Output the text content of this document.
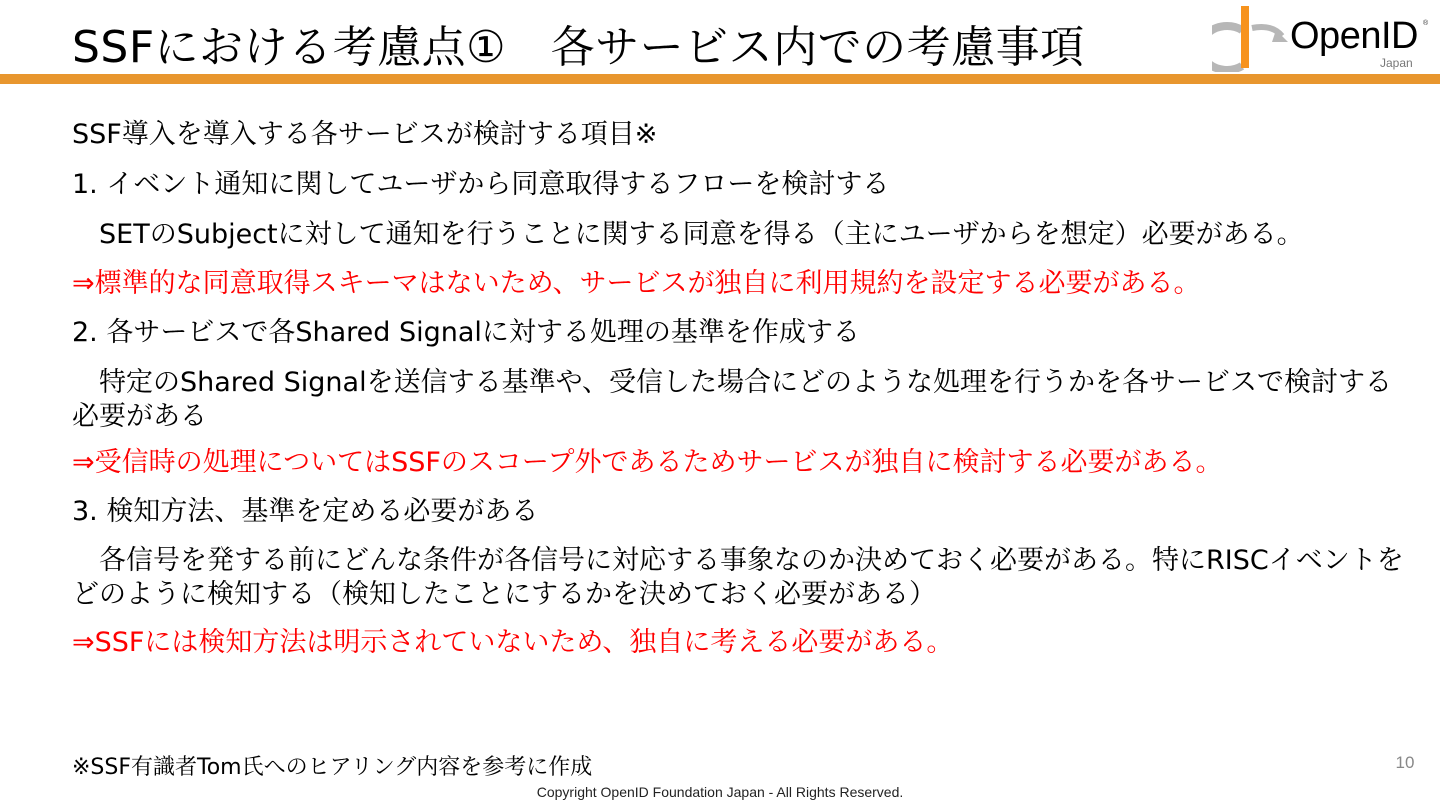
SSFにおける考慮点①　各サービス内での考慮事項	OpenID ®
Japan
SSF導入を導入する各サービスが検討する項目※
1. イベント通知に関してユーザから同意取得するフローを検討する
　SETのSubjectに対して通知を行うことに関する同意を得る（主にユーザからを想定）必要がある。
⇒標準的な同意取得スキーマはないため、サービスが独自に利用規約を設定する必要がある。
2. 各サービスで各Shared Signalに対する処理の基準を作成する
　特定のShared Signalを送信する基準や、受信した場合にどのような処理を行うかを各サービスで検討する必要がある
⇒受信時の処理についてはSSFのスコープ外であるためサービスが独自に検討する必要がある。
3. 検知方法、基準を定める必要がある
　各信号を発する前にどんな条件が各信号に対応する事象なのか決めておく必要がある。特にRISCイベントをどのように検知する（検知したことにするかを決めておく必要がある）
⇒SSFには検知方法は明示されていないため、独自に考える必要がある。
※SSF有識者Tom氏へのヒアリング内容を参考に作成
Copyright OpenID Foundation Japan - All Rights Reserved.
10
